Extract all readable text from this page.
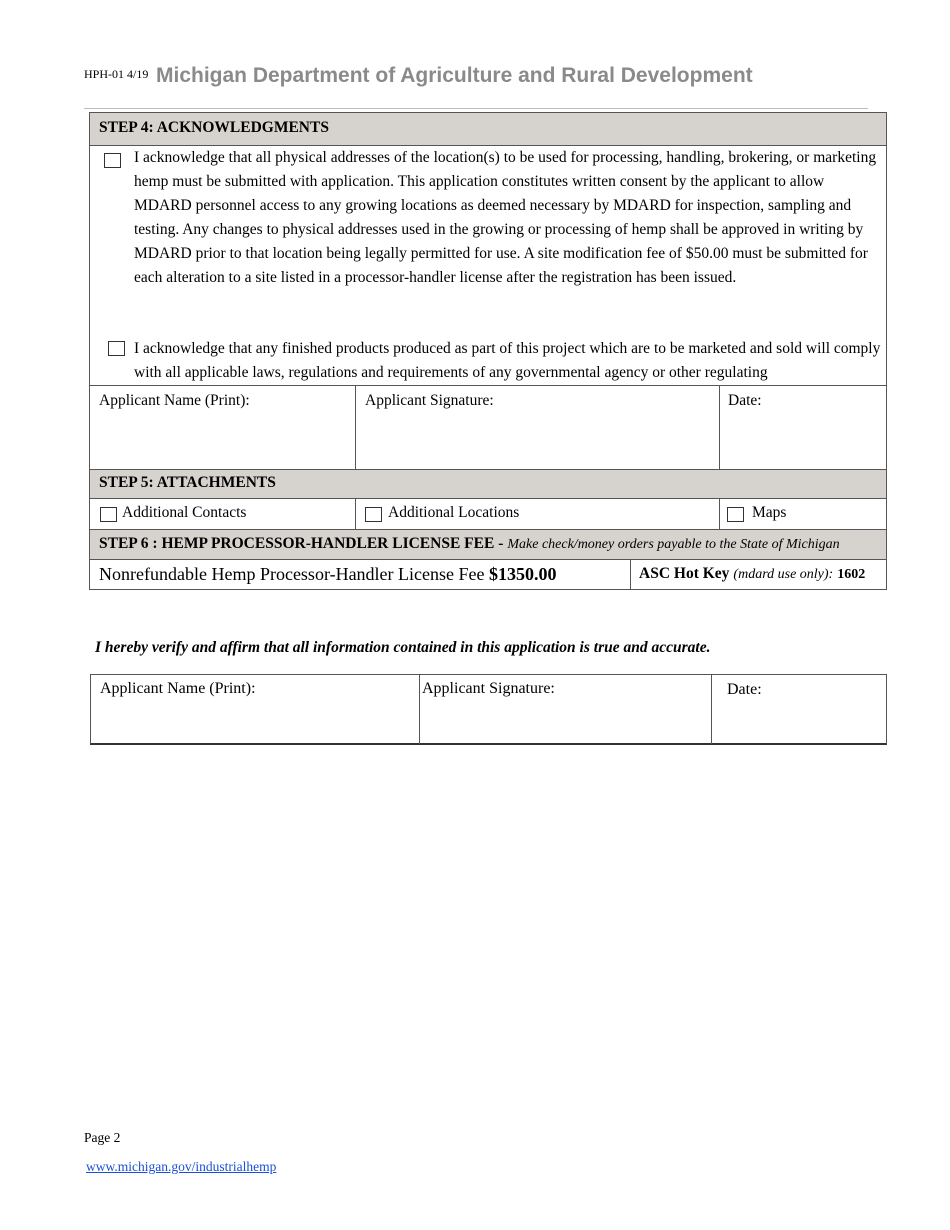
HPH-01 4/19 Michigan Department of Agriculture and Rural Development
STEP 4: ACKNOWLEDGMENTS
I acknowledge that all physical addresses of the location(s) to be used for processing, handling, brokering, or marketing hemp must be submitted with application. This application constitutes written consent by the applicant to allow MDARD personnel access to any growing locations as deemed necessary by MDARD for inspection, sampling and testing. Any changes to physical addresses used in the growing or processing of hemp shall be approved in writing by MDARD prior to that location being legally permitted for use. A site modification fee of $50.00 must be submitted for each alteration to a site listed in a processor-handler license after the registration has been issued.
I acknowledge that any finished products produced as part of this project which are to be marketed and sold will comply with all applicable laws, regulations and requirements of any governmental agency or other regulating
Applicant Name (Print):	Applicant Signature:	Date:
STEP 5: ATTACHMENTS
Additional Contacts	Additional Locations	Maps
STEP 6 : HEMP PROCESSOR-HANDLER LICENSE FEE - Make check/money orders payable to the State of Michigan
Nonrefundable Hemp Processor-Handler License Fee $1350.00	ASC Hot Key (mdard use only): 1602
I hereby verify and affirm that all information contained in this application is true and accurate.
Applicant Name (Print):	Applicant Signature:	Date:
Page 2
www.michigan.gov/industrialhemp
